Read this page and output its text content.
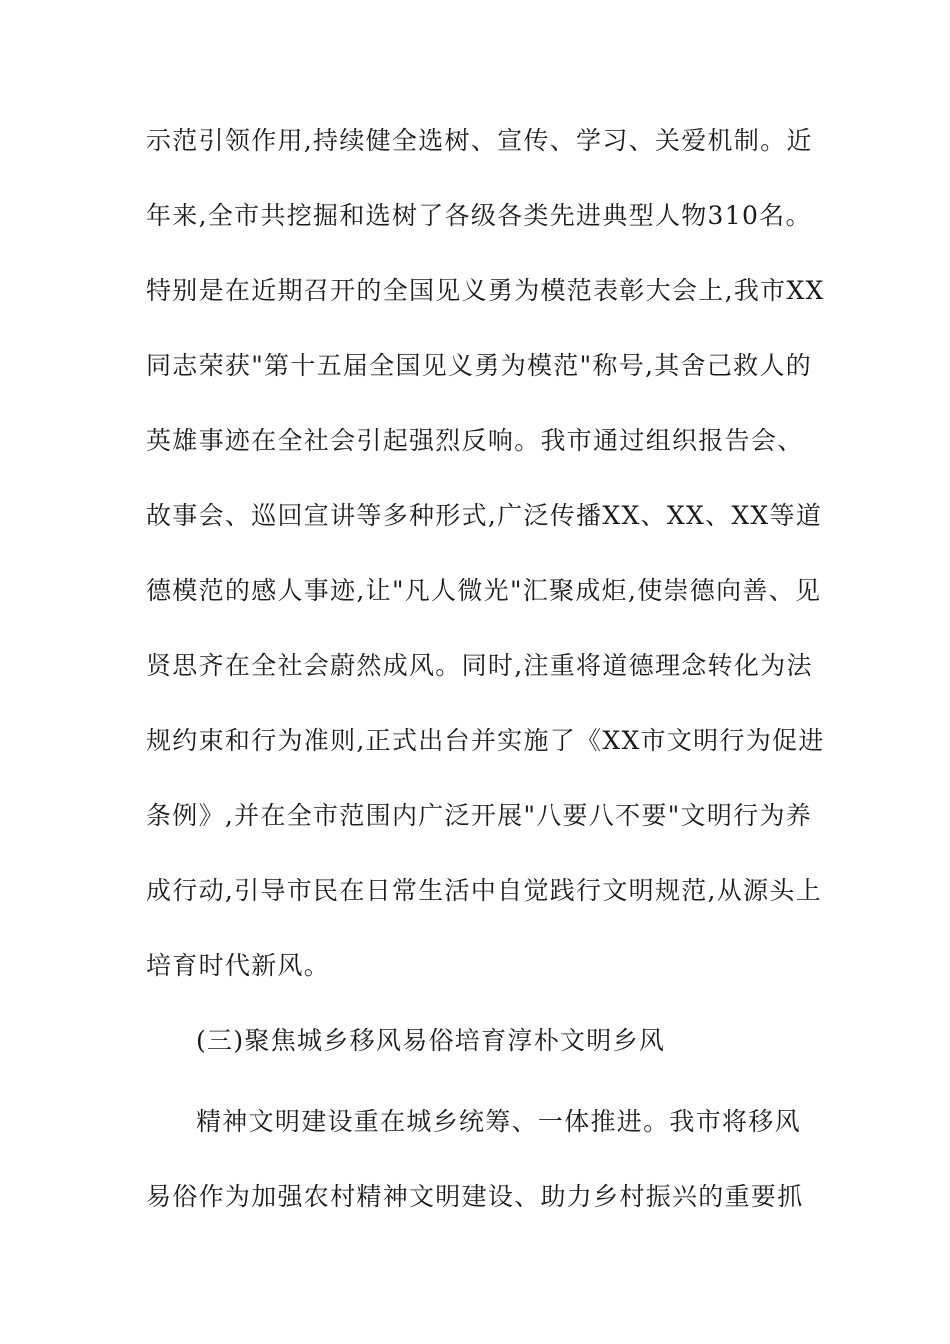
示范引领作用,持续健全选树、宣传、学习、关爱机制。近
年来,全市共挖掘和选树了各级各类先进典型人物310名。
特别是在近期召开的全国见义勇为模范表彰大会上,我市XX
同志荣获"第十五届全国见义勇为模范"称号,其舍己救人的
英雄事迹在全社会引起强烈反响。我市通过组织报告会、
故事会、巡回宣讲等多种形式,广泛传播XX、XX、XX等道
德模范的感人事迹,让"凡人微光"汇聚成炬,使崇德向善、见
贤思齐在全社会蔚然成风。同时,注重将道德理念转化为法
规约束和行为准则,正式出台并实施了《XX市文明行为促进
条例》,并在全市范围内广泛开展"八要八不要"文明行为养
成行动,引导市民在日常生活中自觉践行文明规范,从源头上
培育时代新风。
(三)聚焦城乡移风易俗培育淳朴文明乡风
精神文明建设重在城乡统筹、一体推进。我市将移风
易俗作为加强农村精神文明建设、助力乡村振兴的重要抓
